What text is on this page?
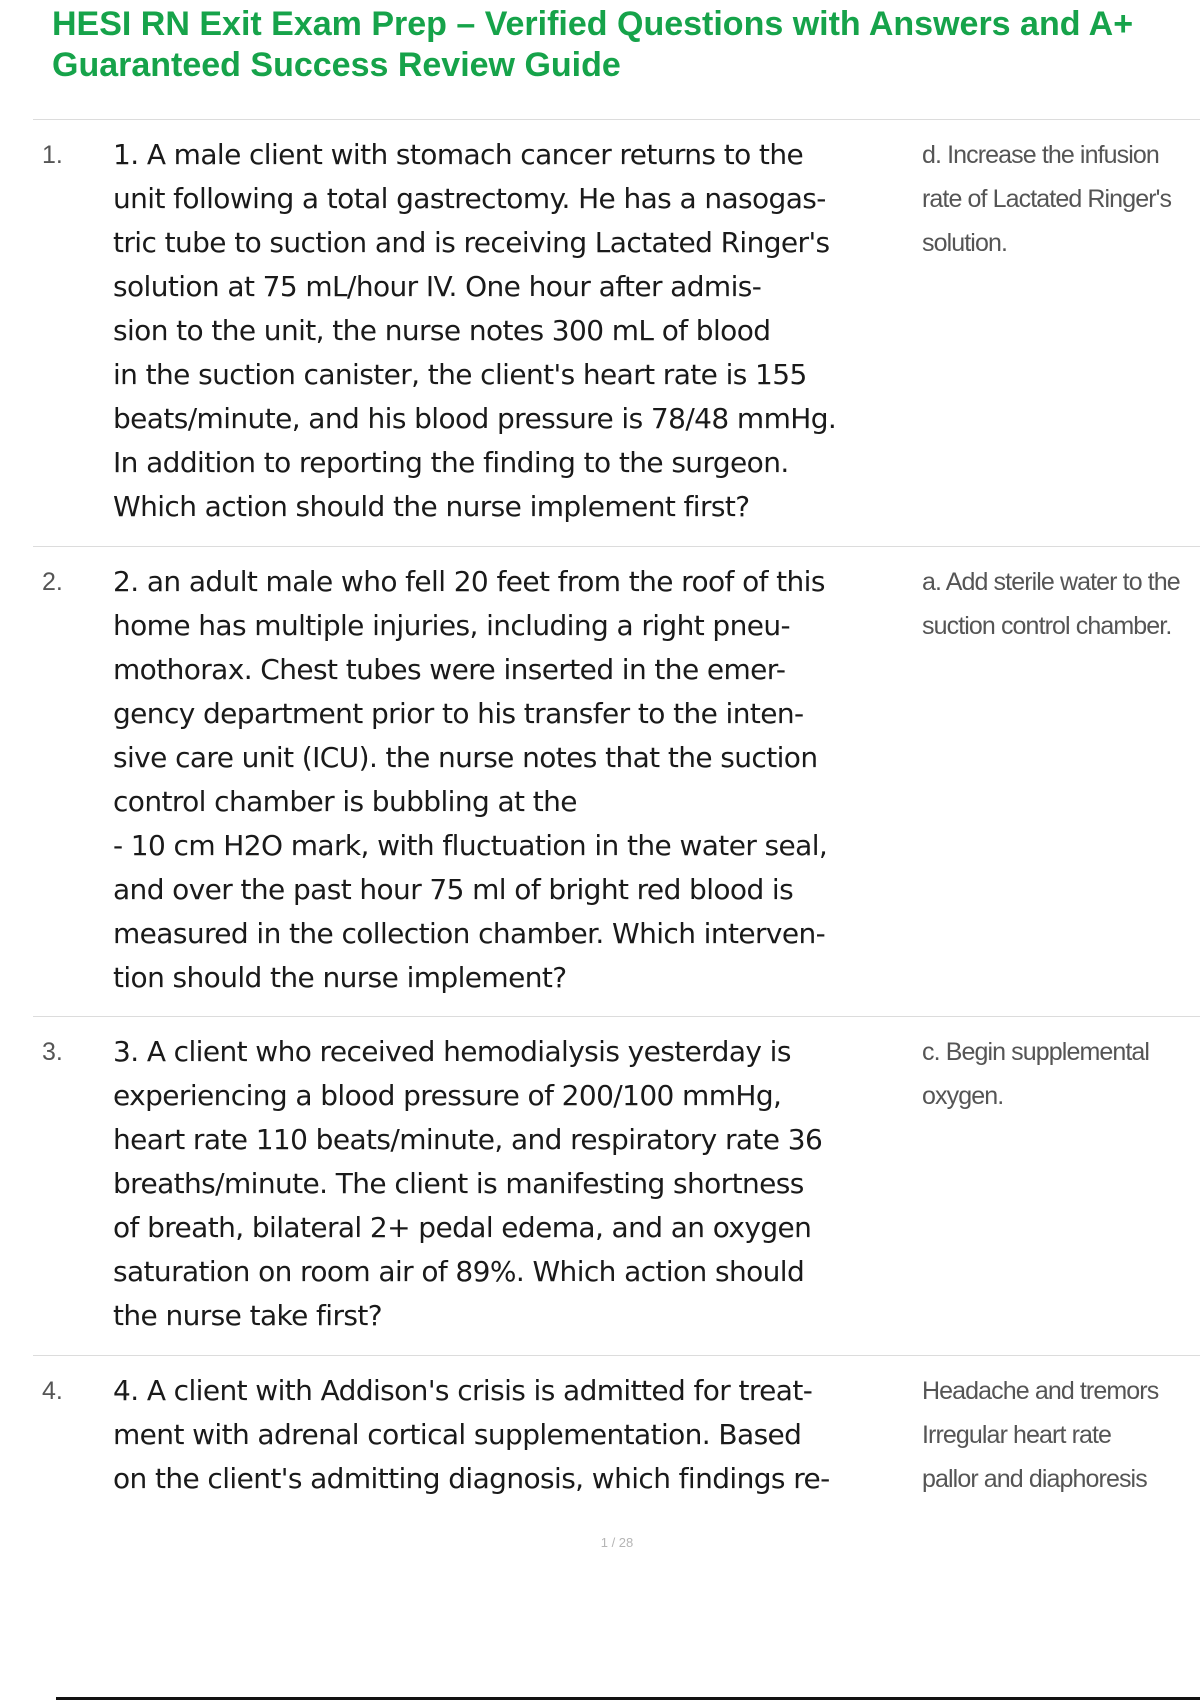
HESI RN Exit Exam Prep – Verified Questions with Answers and A+
Guaranteed Success Review Guide
1. 1. A male client with stomach cancer returns to the
unit following a total gastrectomy. He has a nasogas-
tric tube to suction and is receiving Lactated Ringer's
solution at 75 mL/hour IV. One hour after admis-
sion to the unit, the nurse notes 300 mL of blood
in the suction canister, the client's heart rate is 155
beats/minute, and his blood pressure is 78/48 mmHg.
In addition to reporting the finding to the surgeon.
Which action should the nurse implement first?
d. Increase the infusion
rate of Lactated Ringer's
solution.
2. 2. an adult male who fell 20 feet from the roof of this
home has multiple injuries, including a right pneu-
mothorax. Chest tubes were inserted in the emer-
gency department prior to his transfer to the inten-
sive care unit (ICU). the nurse notes that the suction
control chamber is bubbling at the
- 10 cm H2O mark, with fluctuation in the water seal,
and over the past hour 75 ml of bright red blood is
measured in the collection chamber. Which interven-
tion should the nurse implement?
a. Add sterile water to the
suction control chamber.
3. 3. A client who received hemodialysis yesterday is
experiencing a blood pressure of 200/100 mmHg,
heart rate 110 beats/minute, and respiratory rate 36
breaths/minute. The client is manifesting shortness
of breath, bilateral 2+ pedal edema, and an oxygen
saturation on room air of 89%. Which action should
the nurse take first?
c. Begin supplemental
oxygen.
4. 4. A client with Addison's crisis is admitted for treat-
ment with adrenal cortical supplementation. Based
on the client's admitting diagnosis, which findings re-
Headache and tremors
Irregular heart rate
pallor and diaphoresis
1 / 28
